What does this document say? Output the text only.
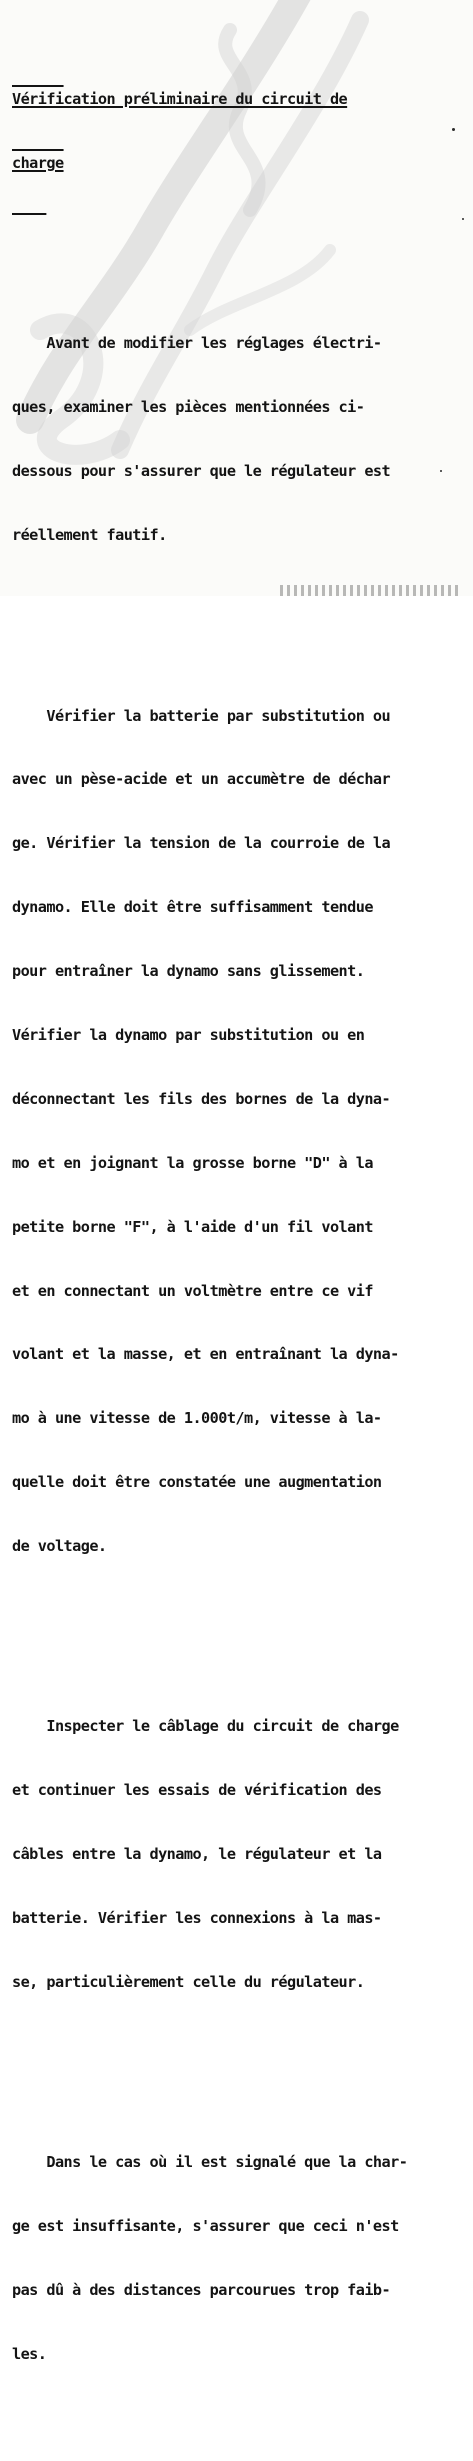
Vérification préliminaire du circuit de

charge

Avant de modifier les réglages électri-

ques, examiner les pièces mentionnées ci-

dessous pour s'assurer que le régulateur est

réellement fautif.

Vérifier la batterie par substitution ou

avec un pèse-acide et un accumètre de déchar

ge. Vérifier la tension de la courroie de la

dynamo. Elle doit être suffisamment tendue

pour entraîner la dynamo sans glissement.

Vérifier la dynamo par substitution ou en

déconnectant les fils des bornes de la dyna-

mo et en joignant la grosse borne "D" à la

petite borne "F", à l'aide d'un fil volant

et en connectant un voltmètre entre ce vif

volant et la masse, et en entraînant la dyna-

mo à une vitesse de 1.000t/m, vitesse à la-

quelle doit être constatée une augmentation

de voltage.

Inspecter le câblage du circuit de charge

et continuer les essais de vérification des

câbles entre la dynamo, le régulateur et la

batterie. Vérifier les connexions à la mas-

se, particulièrement celle du régulateur.

Dans le cas où il est signalé que la char-

ge est insuffisante, s'assurer que ceci n'est

pas dû à des distances parcourues trop faib-

les.
